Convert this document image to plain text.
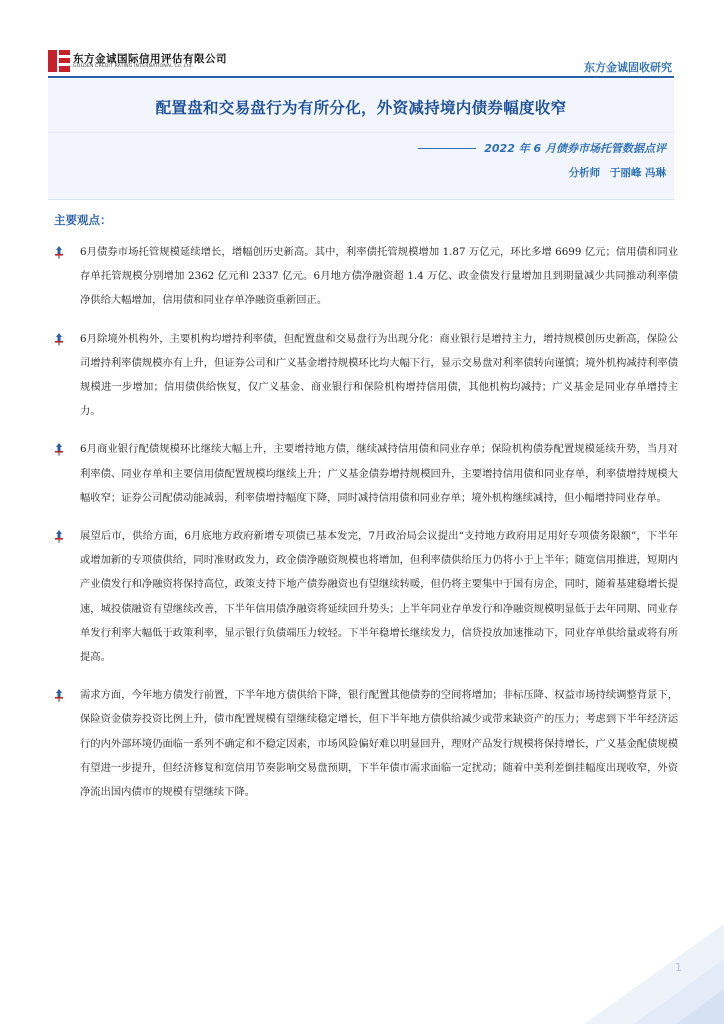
东方金诚国际信用评估有限公司
GOLDEN CREDIT RATING INTERNATIONAL Co.,Ltd.	东方金诚固收研究
配置盘和交易盘行为有所分化，外资减持境内债券幅度收窄
2022 年 6 月债券市场托管数据点评
分析师 于丽峰 冯琳
主要观点：
6月债券市场托管规模延续增长，增幅创历史新高。其中，利率债托管规模增加 1.87 万亿元，环比多增 6699 亿元；信用债和同业存单托管规模分别增加 2362 亿元和 2337 亿元。6月地方债净融资超 1.4 万亿、政金债发行量增加且到期量减少共同推动利率债净供给大幅增加，信用债和同业存单净融资重新回正。
6月除境外机构外，主要机构均增持利率债，但配置盘和交易盘行为出现分化：商业银行是增持主力，增持规模创历史新高，保险公司增持利率债规模亦有上升，但证券公司和广义基金增持规模环比均大幅下行，显示交易盘对利率债转向谨慎；境外机构减持利率债规模进一步增加；信用债供给恢复，仅广义基金、商业银行和保险机构增持信用债，其他机构均减持；广义基金是同业存单增持主力。
6月商业银行配债规模环比继续大幅上升，主要增持地方债，继续减持信用债和同业存单；保险机构债券配置规模延续升势，当月对利率债、同业存单和主要信用债配置规模均继续上升；广义基金债券增持规模回升，主要增持信用债和同业存单，利率债增持规模大幅收窄；证券公司配债动能减弱，利率债增持幅度下降，同时减持信用债和同业存单；境外机构继续减持，但小幅增持同业存单。
展望后市，供给方面，6月底地方政府新增专项债已基本发完，7月政治局会议提出“支持地方政府用足用好专项债务限额”，下半年或增加新的专项债供给，同时准财政发力，政金债净融资规模也将增加，但利率债供给压力仍将小于上半年；随宽信用推进，短期内产业债发行和净融资将保持高位，政策支持下地产债券融资也有望继续转暖，但仍将主要集中于国有房企，同时，随着基建稳增长提速，城投债融资有望继续改善，下半年信用债净融资将延续回升势头；上半年同业存单发行和净融资规模明显低于去年同期、同业存单发行利率大幅低于政策利率，显示银行负债端压力较轻。下半年稳增长继续发力，信贷投放加速推动下，同业存单供给量或将有所提高。
需求方面，今年地方债发行前置，下半年地方债供给下降，银行配置其他债券的空间将增加；非标压降、权益市场持续调整背景下，保险资金债券投资比例上升，债市配置规模有望继续稳定增长，但下半年地方债供给减少或带来缺资产的压力；考虑到下半年经济运行的内外部环境仍面临一系列不确定和不稳定因素，市场风险偏好难以明显回升，理财产品发行规模将保持增长，广义基金配债规模有望进一步提升，但经济修复和宽信用节奏影响交易盘预期，下半年债市需求面临一定扰动；随着中美利差倒挂幅度出现收窄，外资净流出国内债市的规模有望继续下降。
1
